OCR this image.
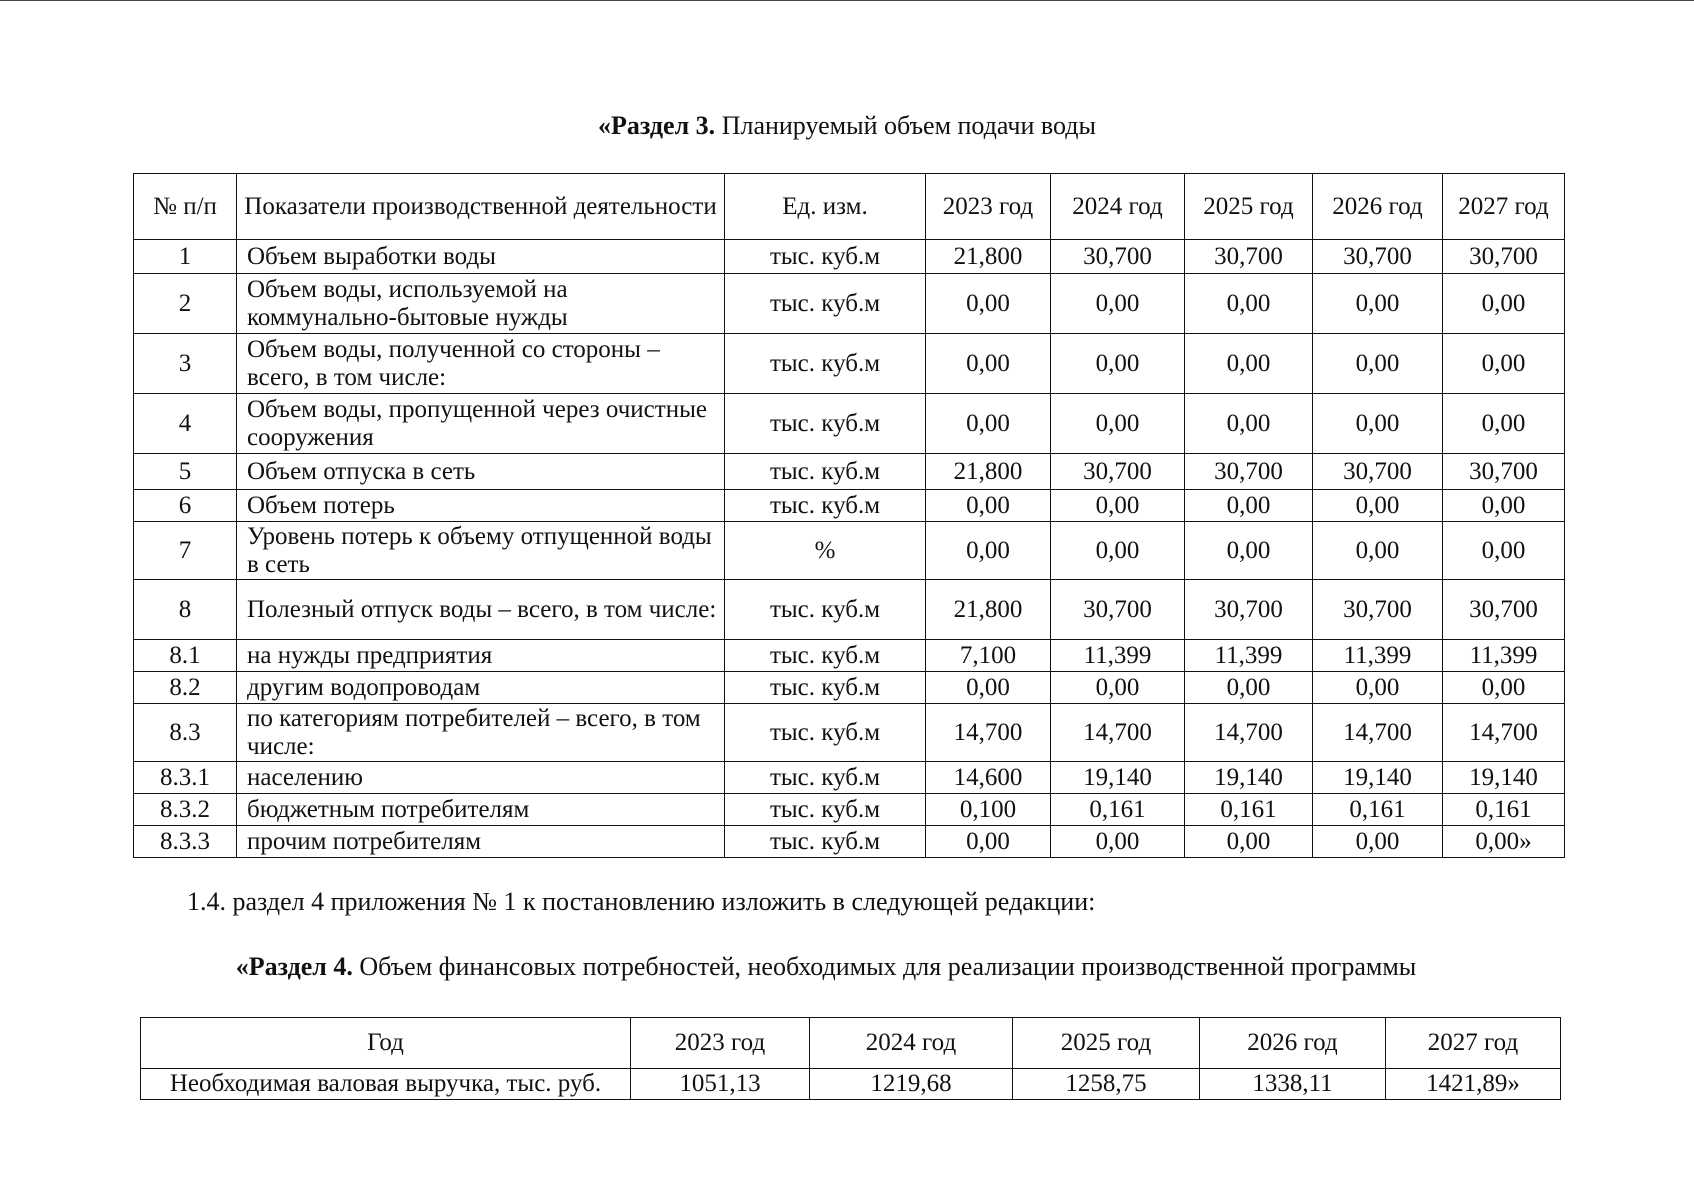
«Раздел 3. Планируемый объем подачи воды
№ п/п	Показатели производственной деятельности	Ед. изм.	2023 год	2024 год	2025 год	2026 год	2027 год
1	Объем выработки воды	тыс. куб.м	21,800	30,700	30,700	30,700	30,700
2	Объем воды, используемой на коммунально-бытовые нужды	тыс. куб.м	0,00	0,00	0,00	0,00	0,00
3	Объем воды, полученной со стороны – всего, в том числе:	тыс. куб.м	0,00	0,00	0,00	0,00	0,00
4	Объем воды, пропущенной через очистные сооружения	тыс. куб.м	0,00	0,00	0,00	0,00	0,00
5	Объем отпуска в сеть	тыс. куб.м	21,800	30,700	30,700	30,700	30,700
6	Объем потерь	тыс. куб.м	0,00	0,00	0,00	0,00	0,00
7	Уровень потерь к объему отпущенной воды в сеть	%	0,00	0,00	0,00	0,00	0,00
8	Полезный отпуск воды – всего, в том числе:	тыс. куб.м	21,800	30,700	30,700	30,700	30,700
8.1	на нужды предприятия	тыс. куб.м	7,100	11,399	11,399	11,399	11,399
8.2	другим водопроводам	тыс. куб.м	0,00	0,00	0,00	0,00	0,00
8.3	по категориям потребителей – всего, в том числе:	тыс. куб.м	14,700	14,700	14,700	14,700	14,700
8.3.1	населению	тыс. куб.м	14,600	19,140	19,140	19,140	19,140
8.3.2	бюджетным потребителям	тыс. куб.м	0,100	0,161	0,161	0,161	0,161
8.3.3	прочим потребителям	тыс. куб.м	0,00	0,00	0,00	0,00	0,00»
1.4. раздел 4 приложения № 1 к постановлению изложить в следующей редакции:
«Раздел 4. Объем финансовых потребностей, необходимых для реализации производственной программы
Год	2023 год	2024 год	2025 год	2026 год	2027 год
Необходимая валовая выручка, тыс. руб.	1051,13	1219,68	1258,75	1338,11	1421,89»
